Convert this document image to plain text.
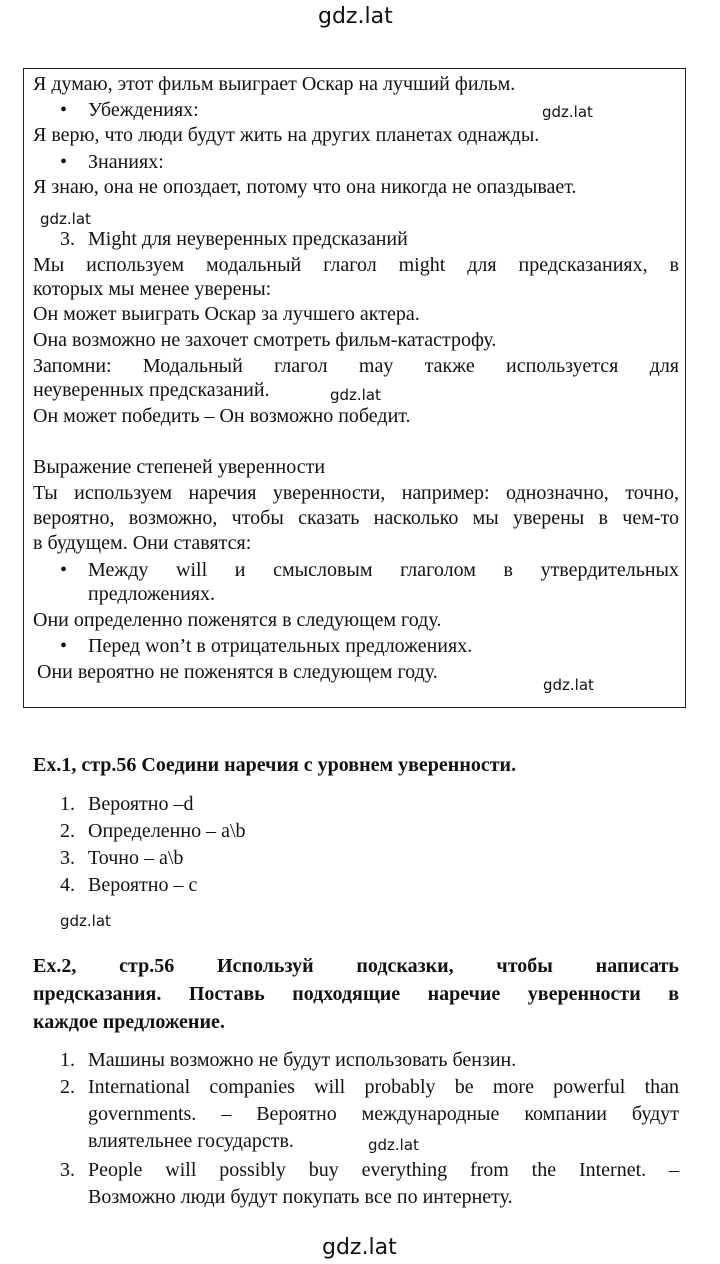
gdz.lat
gdz.lat
gdz.lat
gdz.lat
gdz.lat
gdz.lat
gdz.lat
gdz.lat
Я думаю, этот фильм выиграет Оскар на лучший фильм.
• Убеждениях:
Я верю, что люди будут жить на других планетах однажды.
• Знаниях:
Я знаю, она не опоздает, потому что она никогда не опаздывает.
3. Might для неуверенных предсказаний
Мы используем модальный глагол might для предсказаниях, в
которых мы менее уверены:
Он может выиграть Оскар за лучшего актера.
Она возможно не захочет смотреть фильм-катастрофу.
Запомни: Модальный глагол may также используется для
неуверенных предсказаний.
Он может победить – Он возможно победит.
Выражение степеней уверенности
Ты используем наречия уверенности, например: однозначно, точно,
вероятно, возможно, чтобы сказать насколько мы уверены в чем-то
в будущем. Они ставятся:
• Между will и смысловым глаголом в утвердительных
предложениях.
Они определенно поженятся в следующем году.
• Перед won’t в отрицательных предложениях.
Они вероятно не поженятся в следующем году.
Ex.1, стр.56 Соедини наречия с уровнем уверенности.
1. Вероятно –d
2. Определенно – a\b
3. Точно – a\b
4. Вероятно – c
Ex.2, стр.56 Используй подсказки, чтобы написать
предсказания. Поставь подходящие наречие уверенности в
каждое предложение.
1. Машины возможно не будут использовать бензин.
2. International companies will probably be more powerful than
governments. – Вероятно международные компании будут
влиятельнее государств.
3. People will possibly buy everything from the Internet. –
Возможно люди будут покупать все по интернету.
